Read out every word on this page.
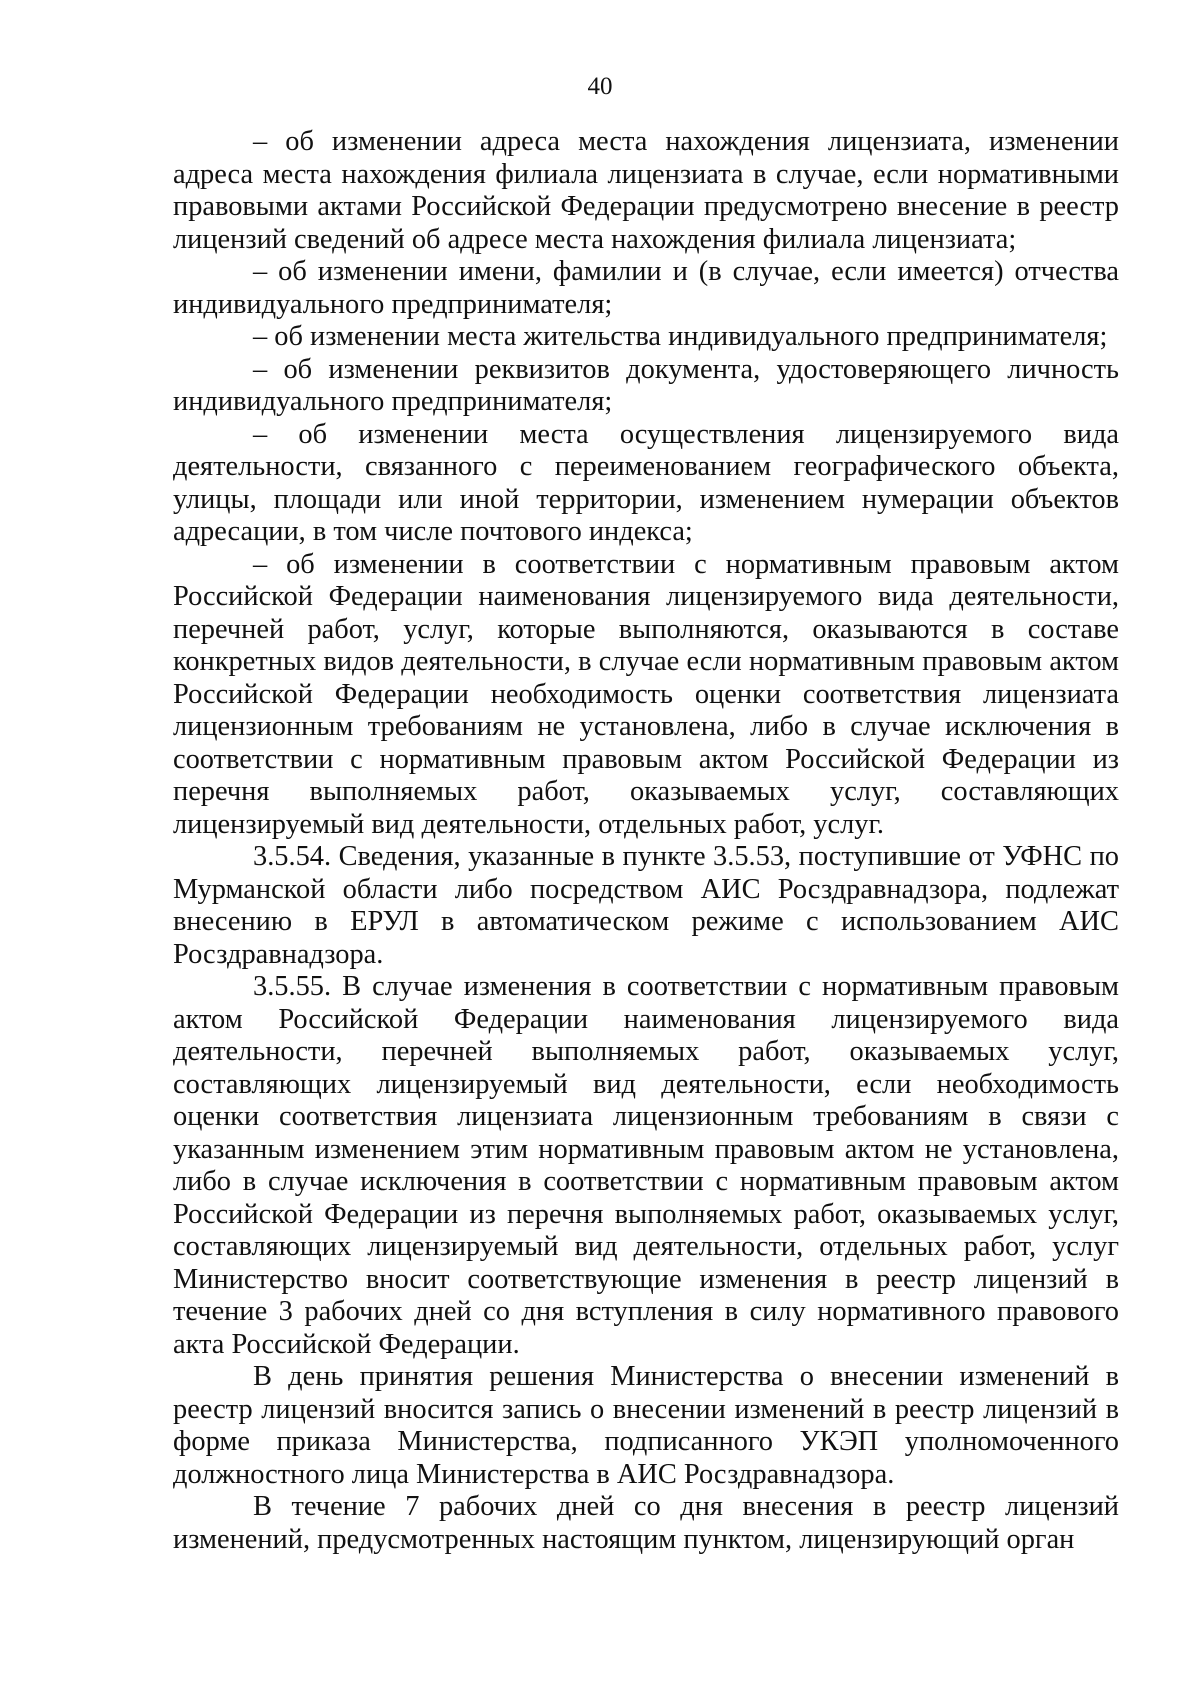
40

– об изменении адреса места нахождения лицензиата, изменении адреса места нахождения филиала лицензиата в случае, если нормативными правовыми актами Российской Федерации предусмотрено внесение в реестр лицензий сведений об адресе места нахождения филиала лицензиата;

– об изменении имени, фамилии и (в случае, если имеется) отчества индивидуального предпринимателя;

– об изменении места жительства индивидуального предпринимателя;

– об изменении реквизитов документа, удостоверяющего личность индивидуального предпринимателя;

– об изменении места осуществления лицензируемого вида деятельности, связанного с переименованием географического объекта, улицы, площади или иной территории, изменением нумерации объектов адресации, в том числе почтового индекса;

– об изменении в соответствии с нормативным правовым актом Российской Федерации наименования лицензируемого вида деятельности, перечней работ, услуг, которые выполняются, оказываются в составе конкретных видов деятельности, в случае если нормативным правовым актом Российской Федерации необходимость оценки соответствия лицензиата лицензионным требованиям не установлена, либо в случае исключения в соответствии с нормативным правовым актом Российской Федерации из перечня выполняемых работ, оказываемых услуг, составляющих лицензируемый вид деятельности, отдельных работ, услуг.

3.5.54. Сведения, указанные в пункте 3.5.53, поступившие от УФНС по Мурманской области либо посредством АИС Росздравнадзора, подлежат внесению в ЕРУЛ в автоматическом режиме с использованием АИС Росздравнадзора.

3.5.55. В случае изменения в соответствии с нормативным правовым актом Российской Федерации наименования лицензируемого вида деятельности, перечней выполняемых работ, оказываемых услуг, составляющих лицензируемый вид деятельности, если необходимость оценки соответствия лицензиата лицензионным требованиям в связи с указанным изменением этим нормативным правовым актом не установлена, либо в случае исключения в соответствии с нормативным правовым актом Российской Федерации из перечня выполняемых работ, оказываемых услуг, составляющих лицензируемый вид деятельности, отдельных работ, услуг Министерство вносит соответствующие изменения в реестр лицензий в течение 3 рабочих дней со дня вступления в силу нормативного правового акта Российской Федерации.

В день принятия решения Министерства о внесении изменений в реестр лицензий вносится запись о внесении изменений в реестр лицензий в форме приказа Министерства, подписанного УКЭП уполномоченного должностного лица Министерства в АИС Росздравнадзора.

В течение 7 рабочих дней со дня внесения в реестр лицензий изменений, предусмотренных настоящим пунктом, лицензирующий орган
